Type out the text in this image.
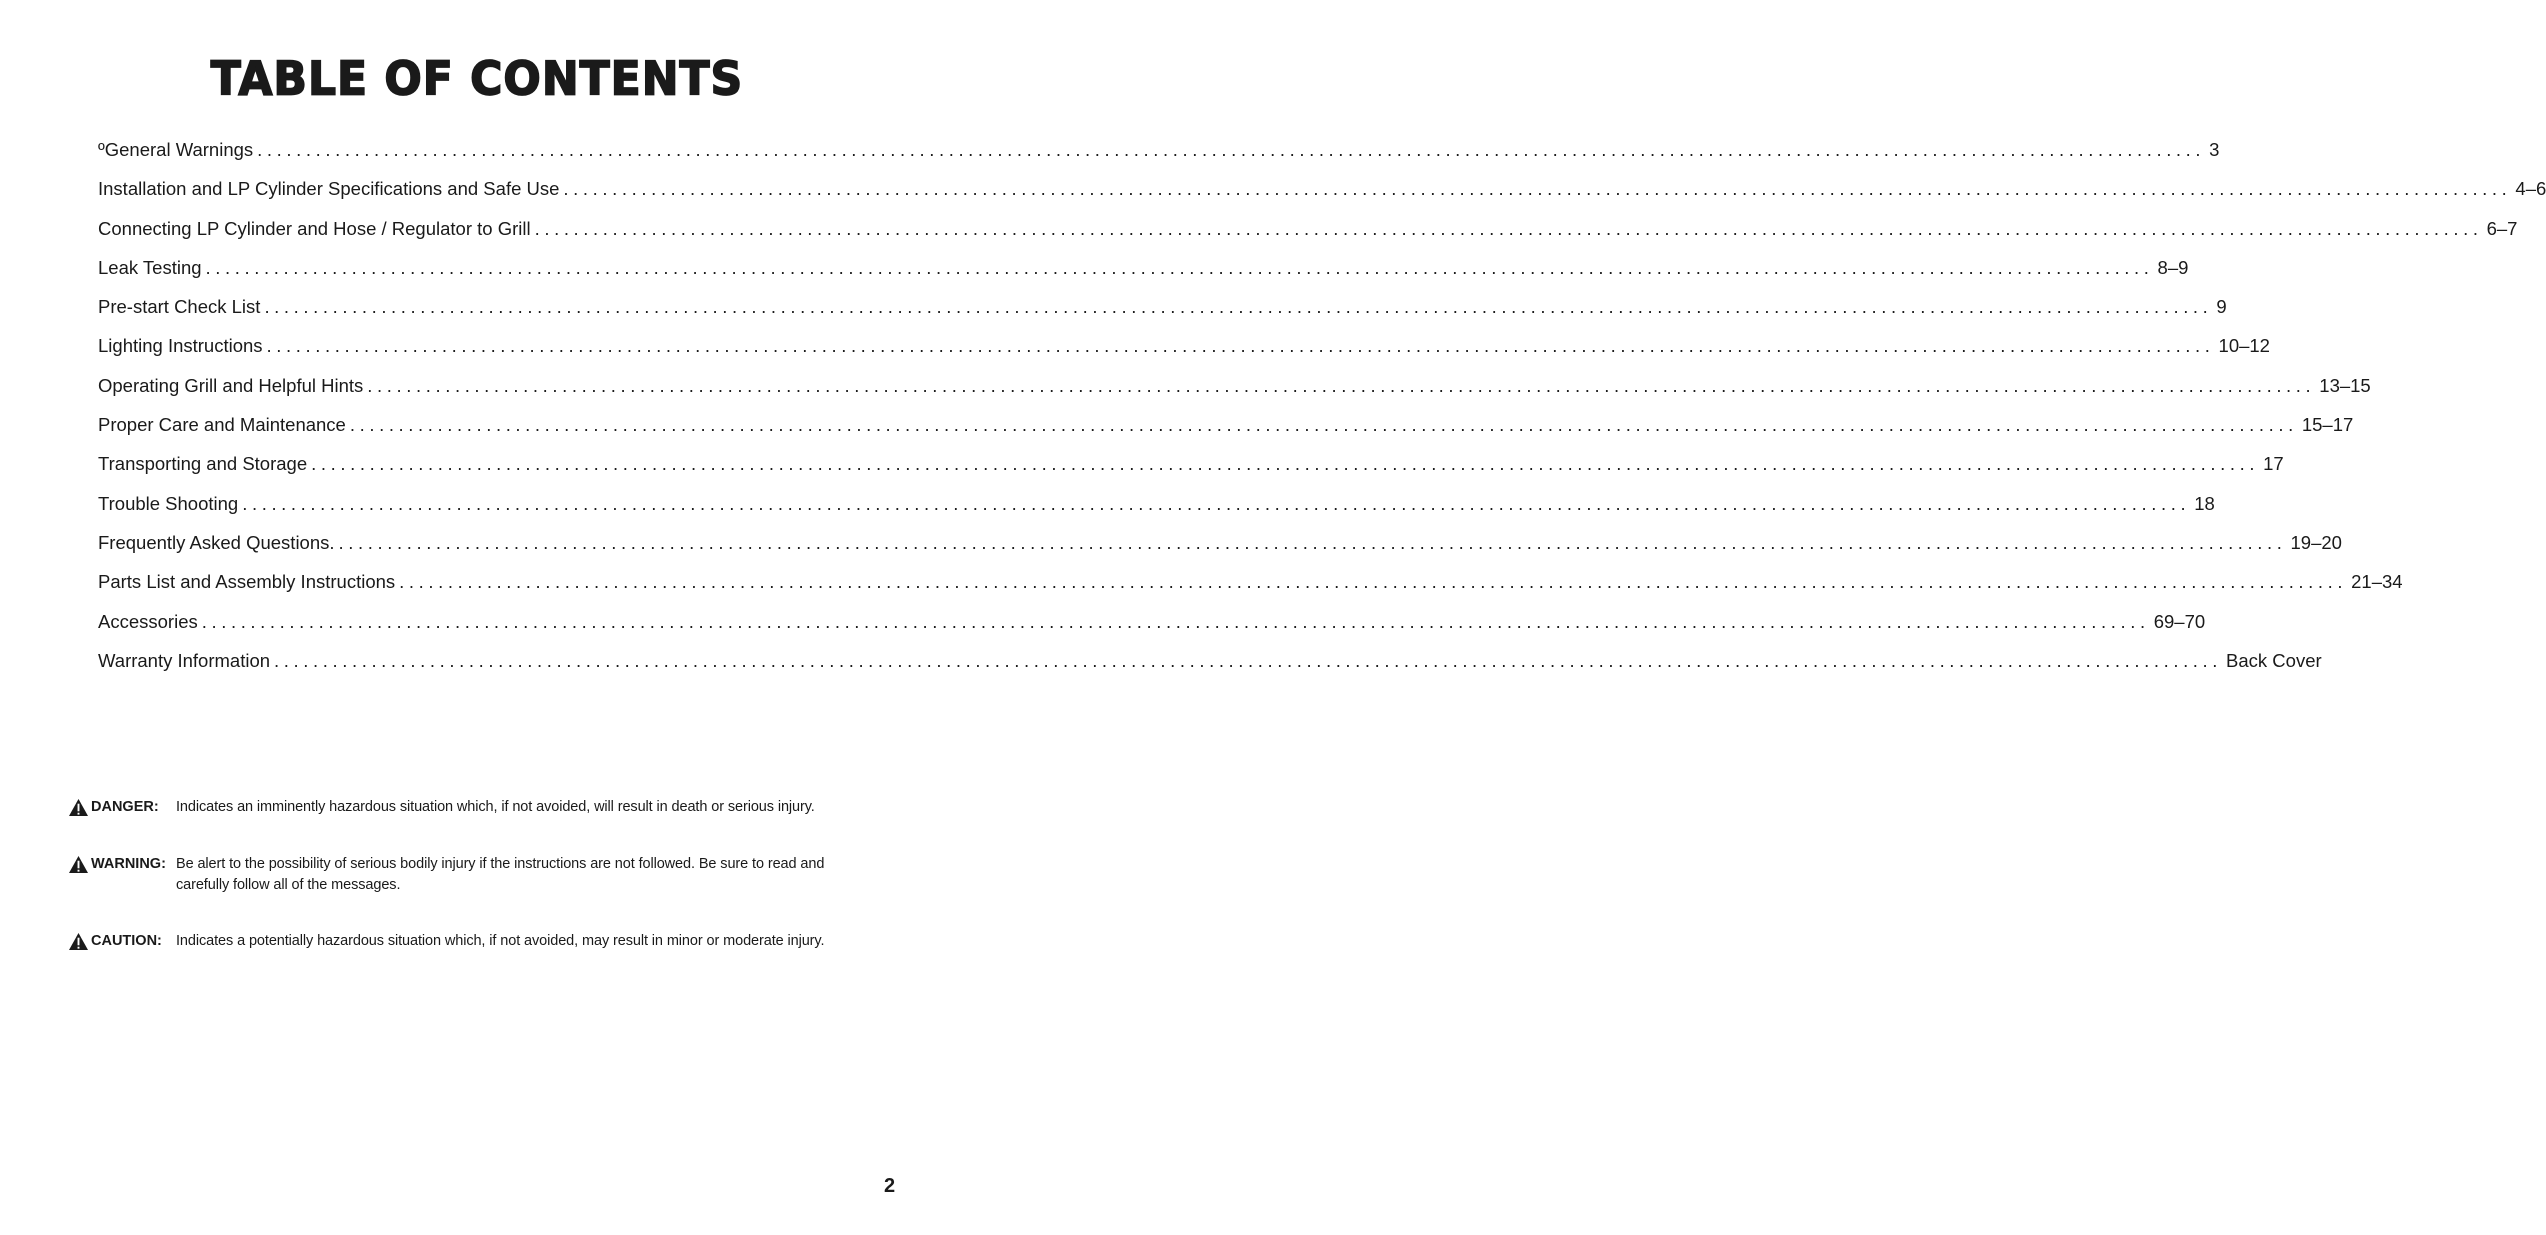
TABLE OF CONTENTS
ºGeneral Warnings ........................................................................................................................................................................................................ 3
Installation and LP Cylinder Specifications and Safe Use ........................................................................................................................................................................................................ 4–6
Connecting LP Cylinder and Hose / Regulator to Grill ........................................................................................................................................................................................................ 6–7
Leak Testing ........................................................................................................................................................................................................ 8–9
Pre-start Check List ........................................................................................................................................................................................................ 9
Lighting Instructions ........................................................................................................................................................................................................ 10–12
Operating Grill and Helpful Hints ........................................................................................................................................................................................................ 13–15
Proper Care and Maintenance ........................................................................................................................................................................................................ 15–17
Transporting and Storage ........................................................................................................................................................................................................ 17
Trouble Shooting ........................................................................................................................................................................................................ 18
Frequently Asked Questions. ........................................................................................................................................................................................................ 19–20
Parts List and Assembly Instructions ........................................................................................................................................................................................................ 21–34
Accessories ........................................................................................................................................................................................................ 69–70
Warranty Information ........................................................................................................................................................................................................ Back Cover
DANGER: Indicates an imminently hazardous situation which, if not avoided, will result in death or serious injury.
WARNING: Be alert to the possibility of serious bodily injury if the instructions are not followed. Be sure to read and carefully follow all of the messages.
CAUTION: Indicates a potentially hazardous situation which, if not avoided, may result in minor or moderate injury.
2
